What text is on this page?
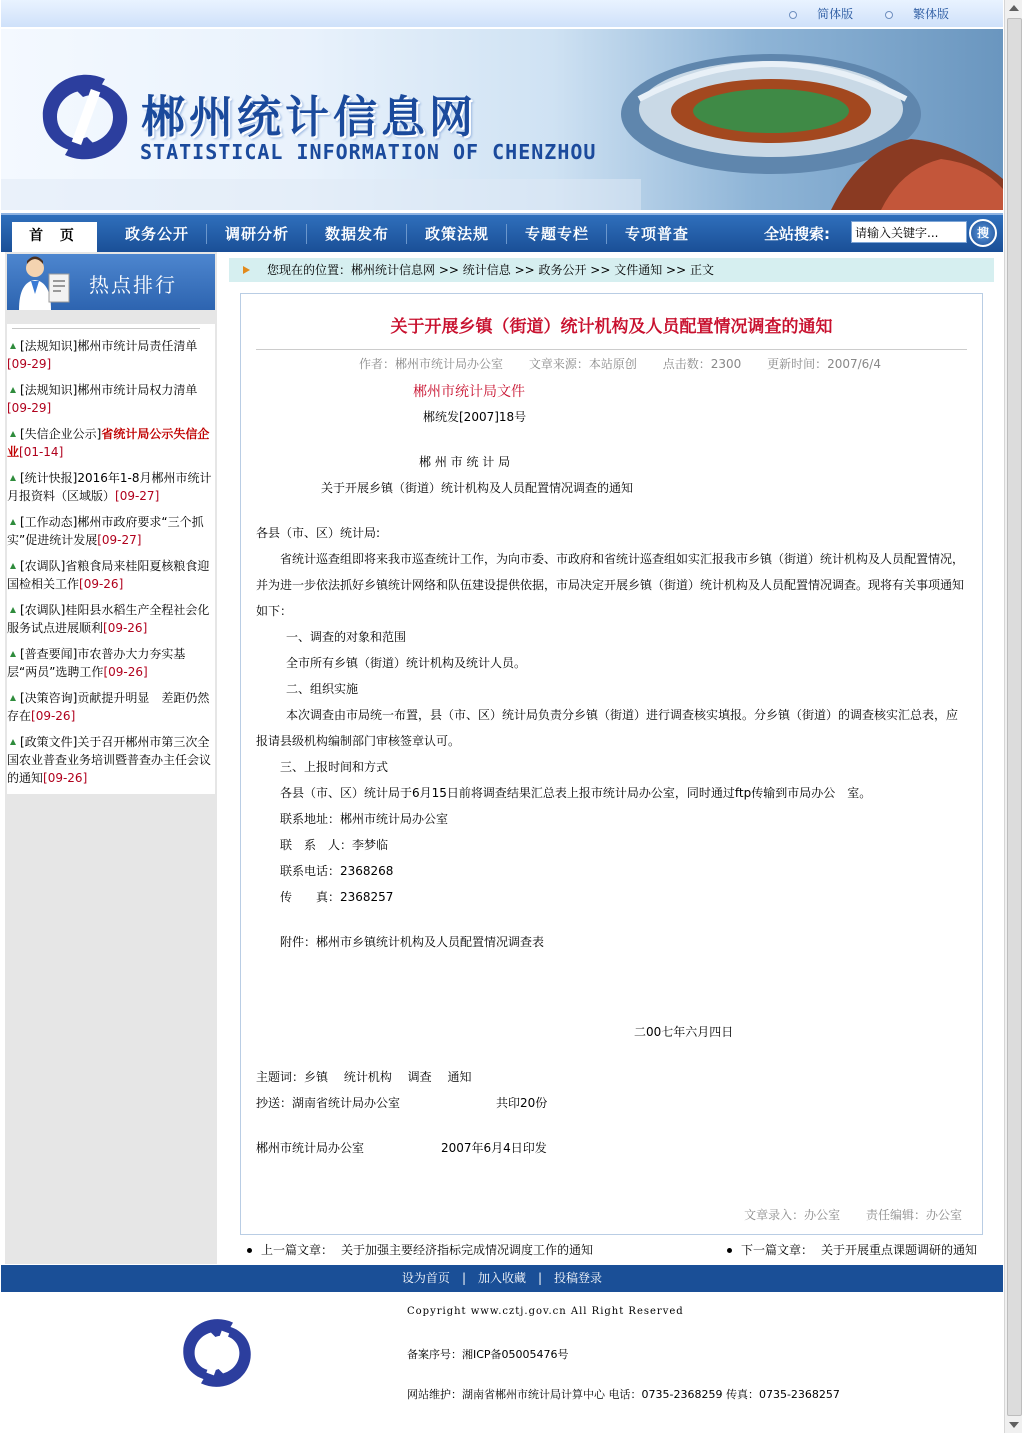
简体版	繁体版
郴州统计信息网
STATISTICAL INFORMATION OF CHENZHOU
首 页	政务公开 调研分析 数据发布 政策法规 专题专栏 专项普查	全站搜索:
请输入关键字...	搜
热点排行
[法规知识]郴州市统计局责任清单
[09-29]
[法规知识]郴州市统计局权力清单
[09-29]
[失信企业公示]省统计局公示失信企业[01-14]
[统计快报]2016年1-8月郴州市统计月报资料（区域版）[09-27]
[工作动态]郴州市政府要求“三个抓实”促进统计发展[09-27]
[农调队]省粮食局来桂阳夏核粮食迎国检相关工作[09-26]
[农调队]桂阳县水稻生产全程社会化服务试点进展顺利[09-26]
[普查要闻]市农普办大力夯实基层“两员”选聘工作[09-26]
[决策咨询]贡献提升明显　差距仍然存在[09-26]
[政策文件]关于召开郴州市第三次全国农业普查业务培训暨普查办主任会议的通知[09-26]
您现在的位置：郴州统计信息网 >> 统计信息 >> 政务公开 >> 文件通知 >> 正文
关于开展乡镇（街道）统计机构及人员配置情况调查的通知
作者：郴州市统计局办公室 文章来源：本站原创 点击数：2300 更新时间：2007/6/4
郴州市统计局文件
郴统发[2007]18号
郴 州 市 统 计 局
关于开展乡镇（街道）统计机构及人员配置情况调查的通知
各县（市、区）统计局:
省统计巡查组即将来我市巡查统计工作，为向市委、市政府和省统计巡查组如实汇报我市乡镇（街道）统计机构及人员配置情况，
并为进一步依法抓好乡镇统计网络和队伍建设提供依据，市局决定开展乡镇（街道）统计机构及人员配置情况调查。现将有关事项通知
如下：
一、调查的对象和范围
全市所有乡镇（街道）统计机构及统计人员。
二、组织实施
本次调查由市局统一布置，县（市、区）统计局负责分乡镇（街道）进行调查核实填报。分乡镇（街道）的调查核实汇总表，应
报请县级机构编制部门审核签章认可。
三、上报时间和方式
各县（市、区）统计局于6月15日前将调查结果汇总表上报市统计局办公室，同时通过ftp传输到市局办公　室。
联系地址：郴州市统计局办公室
联　系　人：李梦临
联系电话：2368268
传　　真：2368257
附件：郴州市乡镇统计机构及人员配置情况调查表
二00七年六月四日
主题词：乡镇　 统计机构　 调查　 通知
抄送：湖南省统计局办公室	共印20份
郴州市统计局办公室	2007年6月4日印发
文章录入：办公室 责任编辑：办公室
上一篇文章： 关于加强主要经济指标完成情况调度工作的通知	下一篇文章： 关于开展重点课题调研的通知
设为首页 | 加入收藏 | 投稿登录
Copyright www.cztj.gov.cn All Right Reserved
备案序号：湘ICP备05005476号
网站维护：湖南省郴州市统计局计算中心 电话：0735-2368259 传真：0735-2368257
